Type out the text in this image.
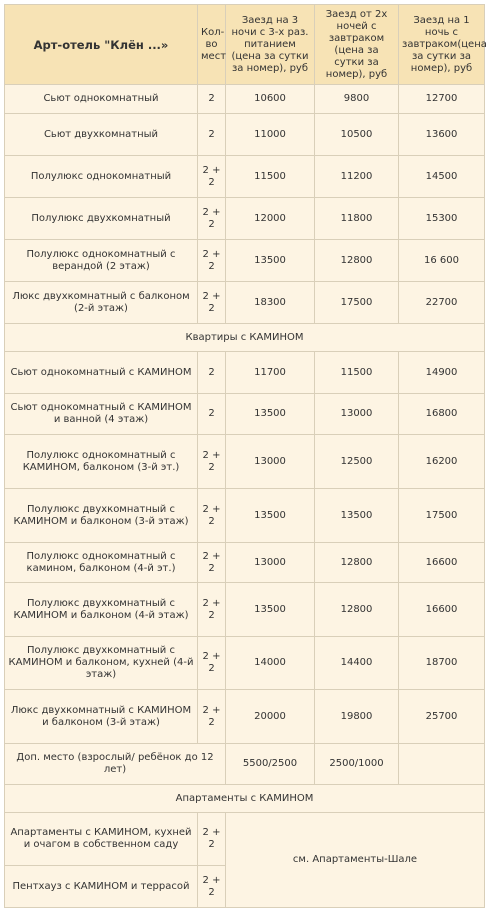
Арт-отель "Клён ...»	Кол-во мест	Заезд на 3 ночи с 3-х раз. питанием (цена за сутки за номер), руб	Заезд от 2х ночей с завтраком (цена за сутки за номер), руб	Заезд на 1 ночь с завтраком(цена за сутки за номер), руб
Сьют однокомнатный	2	10600	9800	12700
Сьют двухкомнатный	2	11000	10500	13600
Полулюкс однокомнатный	2 + 2	11500	11200	14500
Полулюкс двухкомнатный	2 + 2	12000	11800	15300
Полулюкс однокомнатный с верандой (2 этаж)	2 + 2	13500	12800	16 600
Люкс двухкомнатный с балконом (2-й этаж)	2 + 2	18300	17500	22700
Квартиры с КАМИНОМ				
Сьют однокомнатный с КАМИНОМ	2	11700	11500	14900
Сьют однокомнатный с КАМИНОМ и ванной (4 этаж)	2	13500	13000	16800
Полулюкс однокомнатный с КАМИНОМ, балконом (3-й эт.)	2 + 2	13000	12500	16200
Полулюкс двухкомнатный с КАМИНОМ и балконом (3-й этаж)	2 + 2	13500	13500	17500
Полулюкс однокомнатный с камином, балконом (4-й эт.)	2 + 2	13000	12800	16600
Полулюкс двухкомнатный с КАМИНОМ и балконом (4-й этаж)	2 + 2	13500	12800	16600
Полулюкс двухкомнатный с КАМИНОМ и балконом, кухней (4-й этаж)	2 + 2	14000	14400	18700
Люкс двухкомнатный с КАМИНОМ и балконом (3-й этаж)	2 + 2	20000	19800	25700
Доп. место (взрослый/ ребёнок до 12 лет)		5500/2500	2500/1000	
Апартаменты с КАМИНОМ				
Апартаменты с КАМИНОМ, кухней и очагом в собственном саду	2 + 2	см. Апартаменты-Шале		
Пентхауз с КАМИНОМ и террасой	2 + 2			
